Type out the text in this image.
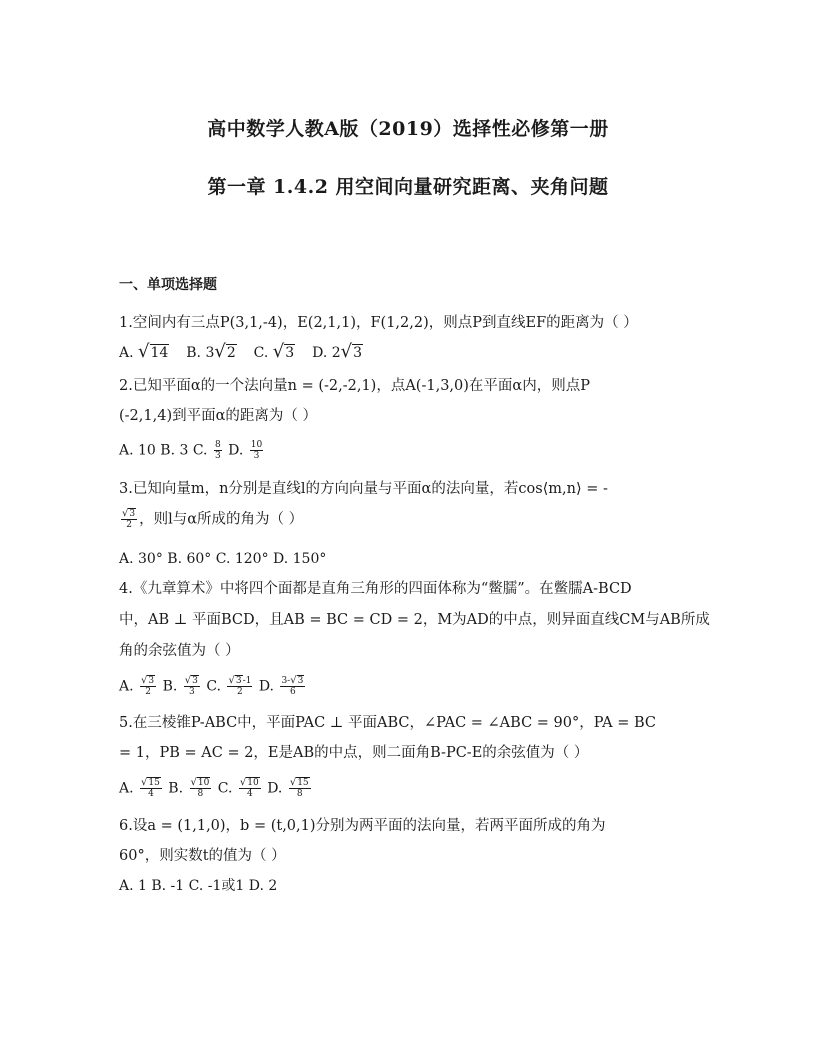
高中数学人教A版（2019）选择性必修第一册
第一章 1.4.2 用空间向量研究距离、夹角问题
一、单项选择题
1.空间内有三点P(3,1,-4)，E(2,1,1)，F(1,2,2)，则点P到直线EF的距离为（ ）
A. √14 B. 3√2 C. √3 D. 2√3
2.已知平面α的一个法向量n = (-2,-2,1)，点A(-1,3,0)在平面α内，则点P
(-2,1,4)到平面α的距离为（ ）
A. 10 B. 3 C. $\frac{8}{3} D$. $\frac{10}{3}$
3.已知向量m，n分别是直线l的方向向量与平面α的法向量，若cos⟨m,n⟩ = -
$\frac{√3}{2}$ ，则l与α所成的角为（ ）
A. 30° B. 60° C. 120° D. 150°
4.《九章算术》中将四个面都是直角三角形的四面体称为“鳖臑”。在鳖臑A-BCD
中，AB ⊥ 平面BCD，且AB = BC = CD = 2，M为AD的中点，则异面直线CM与AB所成
角的余弦值为（ ）
A. $\frac{√3}{2} B$. $\frac{√3}{3} C$. $\frac{√3-1}{2} D$. $\frac{3-√3}{6}$
5.在三棱锥P-ABC中，平面PAC ⊥ 平面ABC，∠PAC = ∠ABC = 90°，PA = BC
= 1，PB = AC = 2，E是AB的中点，则二面角B-PC-E的余弦值为（ ）
A. $\frac{√15}{4} B$. $\frac{√10}{8} C$. $\frac{√10}{4} D$. $\frac{√15}{8}$
6.设a = (1,1,0)，b = (t,0,1)分别为两平面的法向量，若两平面所成的角为
60°，则实数t的值为（ ）
A. 1 B. -1 C. -1或1 D. 2
